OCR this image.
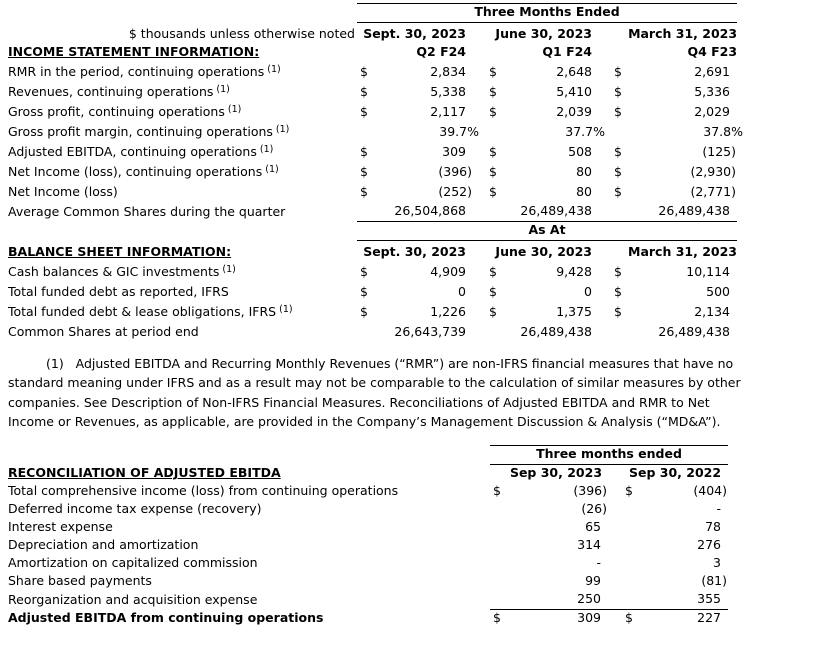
	Three Months Ended
$ thousands unless otherwise noted	Sept. 30, 2023		June 30, 2023		March 31, 2023
INCOME STATEMENT INFORMATION:	Q2 F24		Q1 F24		Q4 F23
RMR in the period, continuing operations $^{(1)}$	$	2,834		$	2,648		$	2,691	
Revenues, continuing operations $^{(1)}$	$	5,338		$	5,410		$	5,336	
Gross profit, continuing operations $^{(1)}$	$	2,117		$	2,039		$	2,029	
Gross profit margin, continuing operations $^{(1)}$		39.7%			37.7%			37.8%	
Adjusted EBITDA, continuing operations $^{(1)}$	$	309		$	508		$	(125)	
Net Income (loss), continuing operations $^{(1)}$	$	(396)		$	80		$	(2,930)	
Net Income (loss)	$	(252)		$	80		$	(2,771)	
Average Common Shares during the quarter		26,504,868			26,489,438			26,489,438	
	As At								
BALANCE SHEET INFORMATION:	Sept. 30, 2023			June 30, 2023			March 31, 2023		
Cash balances & GIC investments $^{(1)}$	$	4,909		$	9,428		$	10,114	
Total funded debt as reported, IFRS	$	0		$	0		$	500	
Total funded debt & lease obligations, IFRS $^{(1)}$	$	1,226		$	1,375		$	2,134	
Common Shares at period end		26,643,739			26,489,438			26,489,438	
(1)   Adjusted EBITDA and Recurring Monthly Revenues (“RMR”) are non-IFRS financial measures that have no standard meaning under IFRS and as a result may not be comparable to the calculation of similar measures by other companies. See Description of Non-IFRS Financial Measures. Reconciliations of Adjusted EBITDA and RMR to Net Income or Revenues, as applicable, are provided in the Company’s Management Discussion & Analysis (“MD&A”).
	Three months ended
RECONCILIATION OF ADJUSTED EBITDA	Sep 30, 2023	Sep 30, 2022
Total comprehensive income (loss) from continuing operations	$	(396)		$	(404)	
Deferred income tax expense (recovery)		(26)			-	
Interest expense		65			78	
Depreciation and amortization		314			276	
Amortization on capitalized commission		-			3	
Share based payments		99			(81)	
Reorganization and acquisition expense		250			355	
Adjusted EBITDA from continuing operations	$	309		$	227	
